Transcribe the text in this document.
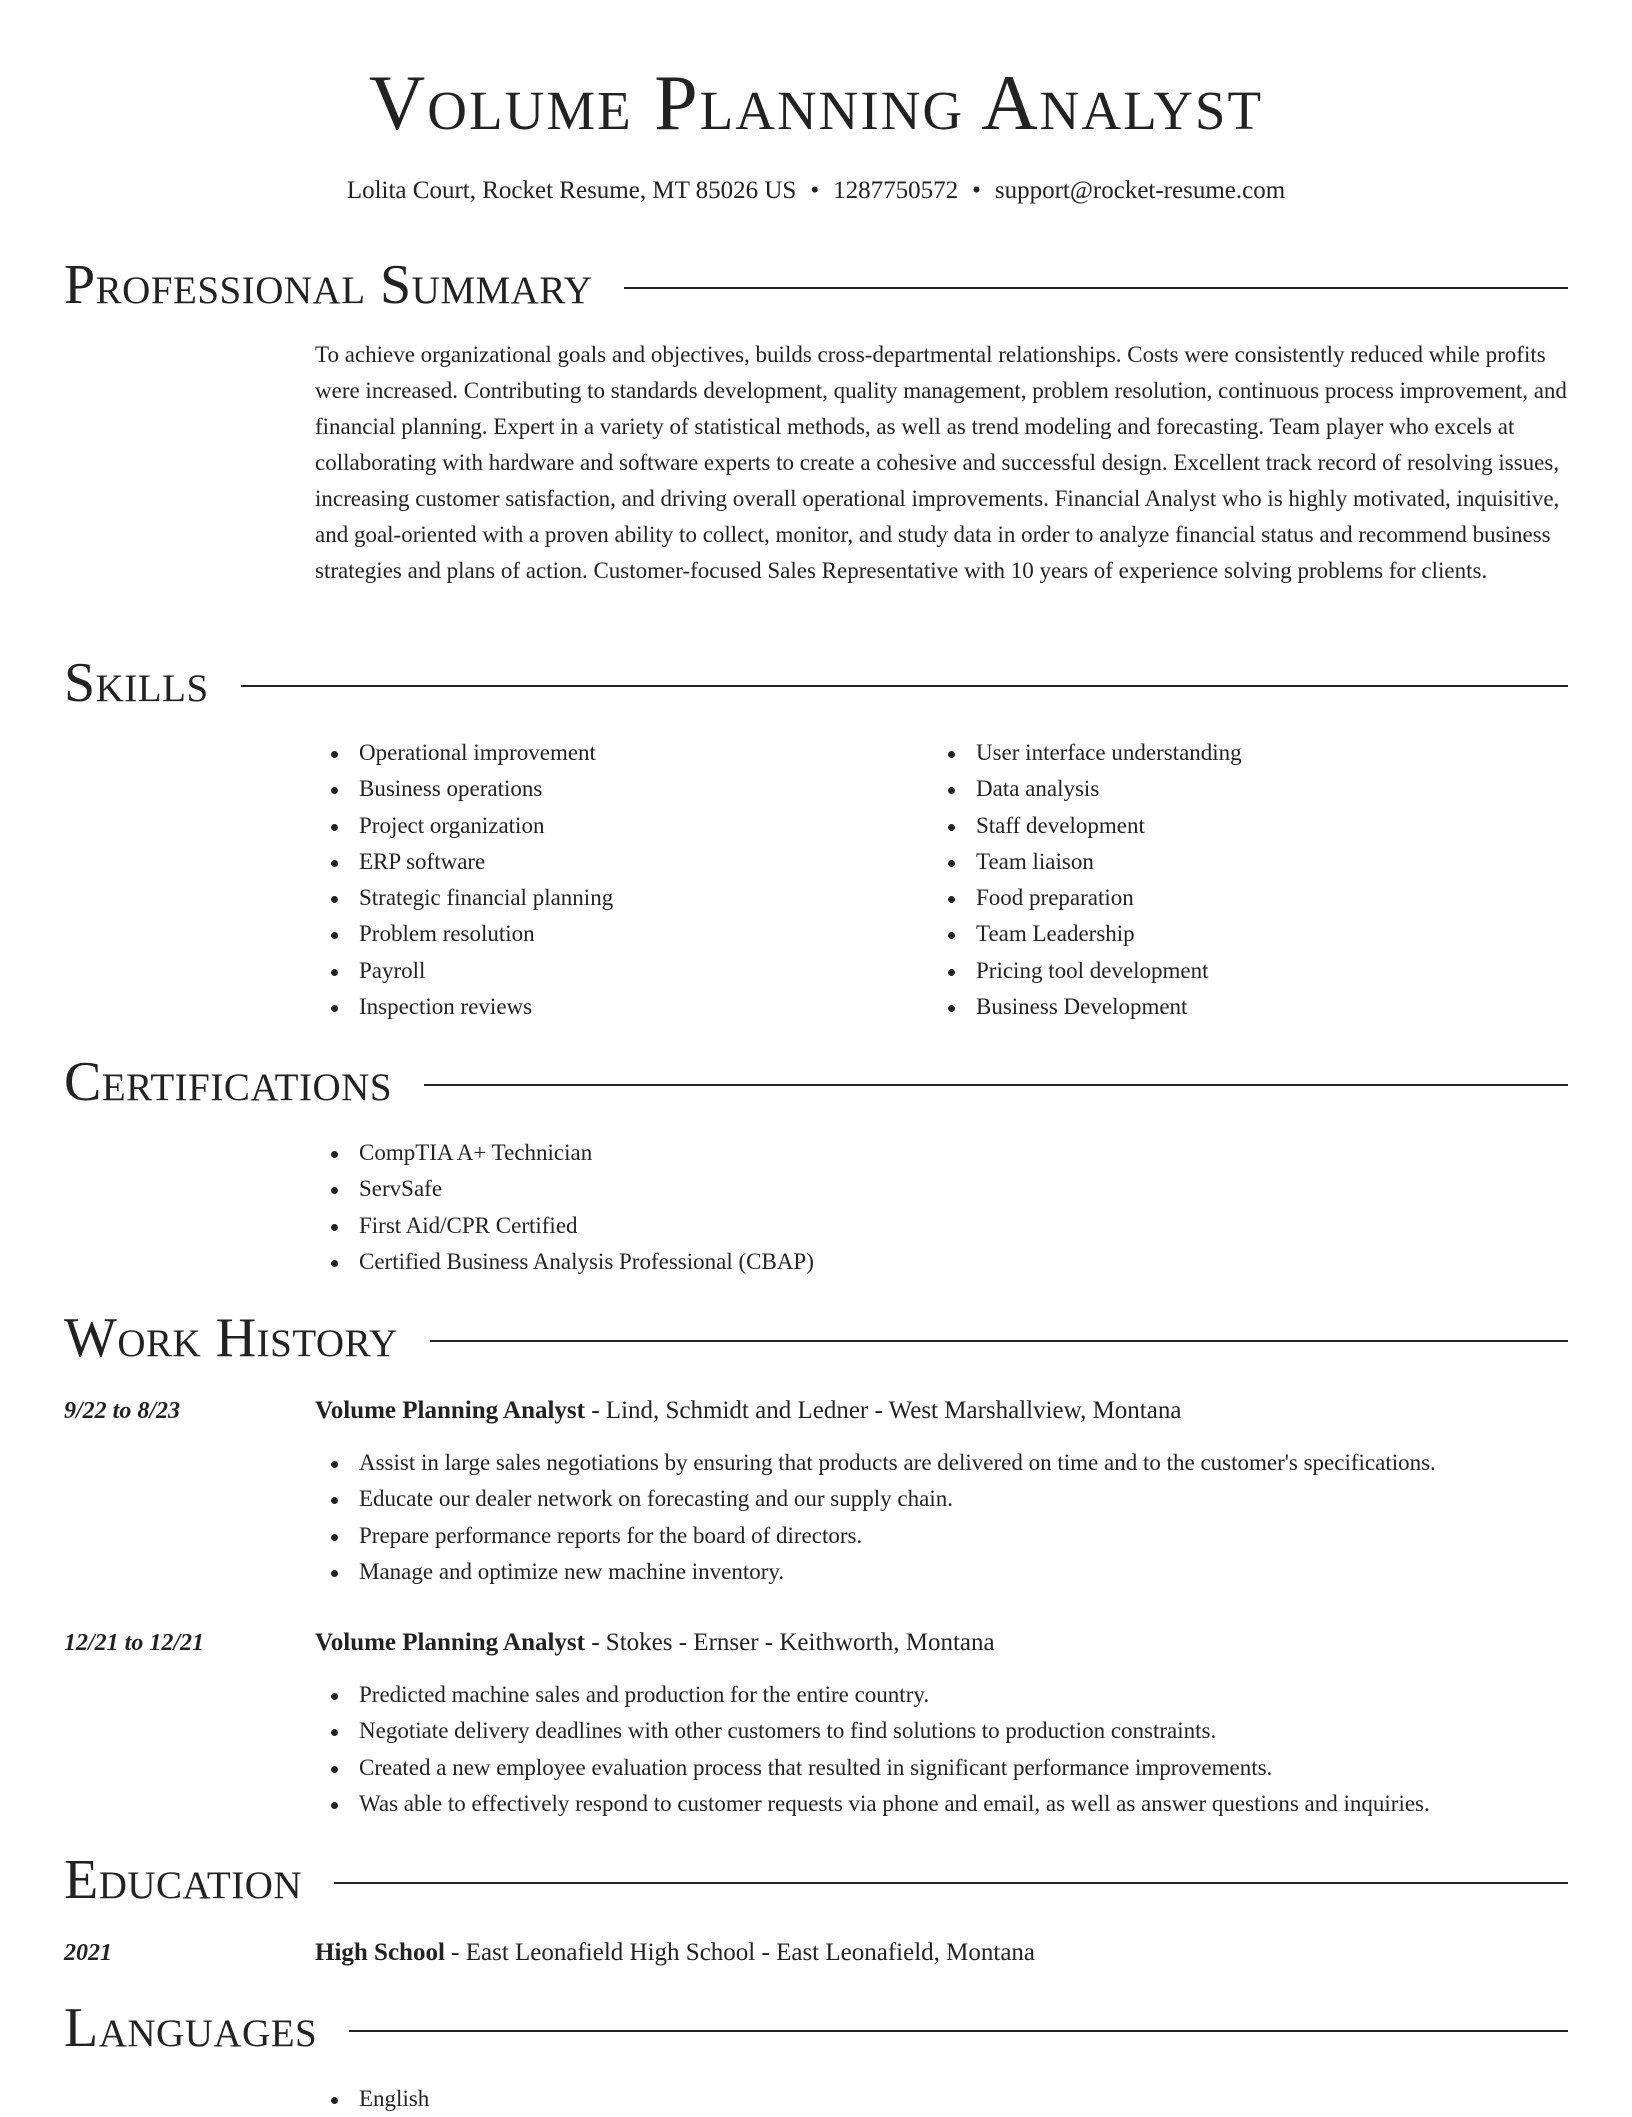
Volume Planning Analyst
Lolita Court, Rocket Resume, MT 85026 US • 1287750572 • support@rocket-resume.com
Professional Summary
To achieve organizational goals and objectives, builds cross-departmental relationships. Costs were consistently reduced while profits were increased. Contributing to standards development, quality management, problem resolution, continuous process improvement, and financial planning. Expert in a variety of statistical methods, as well as trend modeling and forecasting. Team player who excels at collaborating with hardware and software experts to create a cohesive and successful design. Excellent track record of resolving issues, increasing customer satisfaction, and driving overall operational improvements. Financial Analyst who is highly motivated, inquisitive, and goal-oriented with a proven ability to collect, monitor, and study data in order to analyze financial status and recommend business strategies and plans of action. Customer-focused Sales Representative with 10 years of experience solving problems for clients.
Skills
Operational improvement
Business operations
Project organization
ERP software
Strategic financial planning
Problem resolution
Payroll
Inspection reviews
User interface understanding
Data analysis
Staff development
Team liaison
Food preparation
Team Leadership
Pricing tool development
Business Development
Certifications
CompTIA A+ Technician
ServSafe
First Aid/CPR Certified
Certified Business Analysis Professional (CBAP)
Work History
9/22 to 8/23	Volume Planning Analyst - Lind, Schmidt and Ledner - West Marshallview, Montana
Assist in large sales negotiations by ensuring that products are delivered on time and to the customer's specifications.
Educate our dealer network on forecasting and our supply chain.
Prepare performance reports for the board of directors.
Manage and optimize new machine inventory.
12/21 to 12/21	Volume Planning Analyst - Stokes - Ernser - Keithworth, Montana
Predicted machine sales and production for the entire country.
Negotiate delivery deadlines with other customers to find solutions to production constraints.
Created a new employee evaluation process that resulted in significant performance improvements.
Was able to effectively respond to customer requests via phone and email, as well as answer questions and inquiries.
Education
2021	High School - East Leonafield High School - East Leonafield, Montana
Languages
English
